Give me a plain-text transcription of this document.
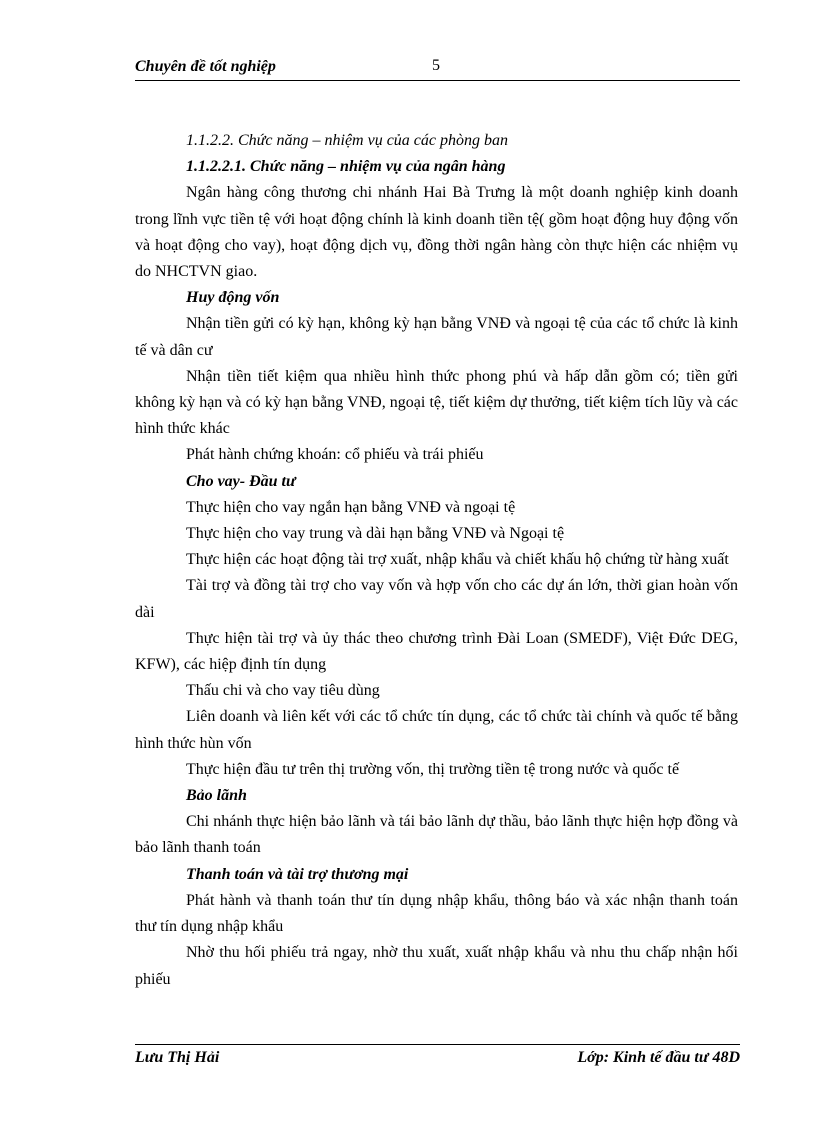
Chuyên đề tốt nghiệp	5

1.1.2.2. Chức năng – nhiệm vụ của các phòng ban

1.1.2.2.1. Chức năng – nhiệm vụ của ngân hàng

Ngân hàng công thương chi nhánh Hai Bà Trưng là một doanh nghiệp kinh doanh trong lĩnh vực tiền tệ với hoạt động chính là kinh doanh tiền tệ( gồm hoạt động huy động vốn và hoạt động cho vay), hoạt động dịch vụ, đồng thời ngân hàng còn thực hiện các nhiệm vụ do NHCTVN giao.

Huy động vốn

Nhận tiền gửi có kỳ hạn, không kỳ hạn bằng VNĐ và ngoại tệ của các tổ chức là kinh tế và dân cư

Nhận tiền tiết kiệm qua nhiều hình thức phong phú và hấp dẫn gồm có; tiền gửi không kỳ hạn và có kỳ hạn bằng VNĐ, ngoại tệ, tiết kiệm dự thưởng, tiết kiệm tích lũy và các hình thức khác

Phát hành chứng khoán: cổ phiếu và trái phiếu

Cho vay- Đầu tư

Thực hiện cho vay ngắn hạn bằng VNĐ và ngoại tệ

Thực hiện cho vay trung và dài hạn bằng VNĐ và Ngoại tệ

Thực hiện các hoạt động tài trợ xuất, nhập khẩu và chiết khấu hộ chứng từ hàng xuất

Tài trợ và đồng tài trợ cho vay vốn và hợp vốn cho các dự án lớn, thời gian hoàn vốn dài

Thực hiện tài trợ và ủy thác theo chương trình Đài Loan (SMEDF), Việt Đức DEG, KFW), các hiệp định tín dụng

Thấu chi và cho vay tiêu dùng

Liên doanh và liên kết với các tổ chức tín dụng, các tổ chức tài chính và quốc tế bằng hình thức hùn vốn

Thực hiện đầu tư trên thị trường vốn, thị trường tiền tệ trong nước và quốc tế

Bảo lãnh

Chi nhánh thực hiện bảo lãnh và tái bảo lãnh dự thầu, bảo lãnh thực hiện hợp đồng và bảo lãnh thanh toán

Thanh toán và tài trợ thương mại

Phát hành và thanh toán thư tín dụng nhập khẩu, thông báo và xác nhận thanh toán thư tín dụng nhập khẩu

Nhờ thu hối phiếu trả ngay, nhờ thu xuất, xuất nhập khẩu và nhu thu chấp nhận hối phiếu

Lưu Thị Hải	Lớp: Kinh tế đầu tư 48D
